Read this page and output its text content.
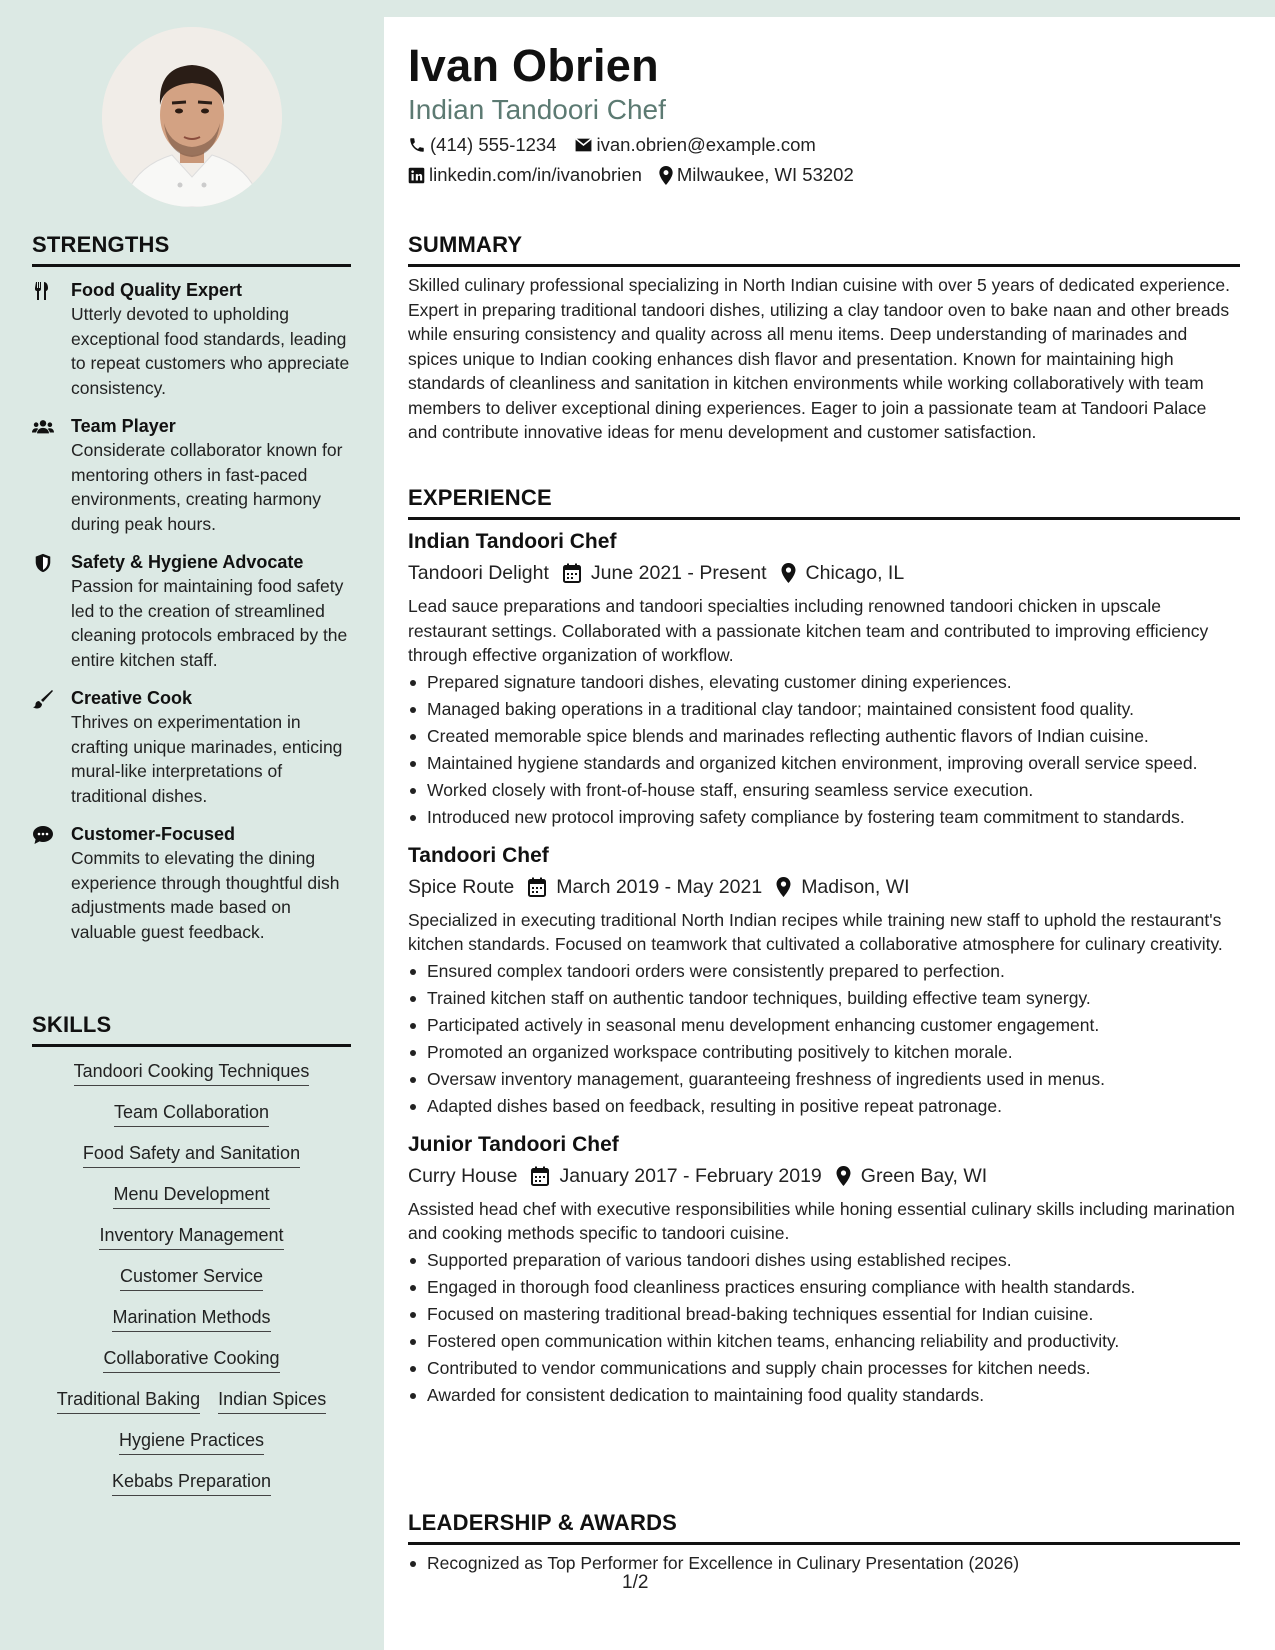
Ivan Obrien
Indian Tandoori Chef
(414) 555-1234 ivan.obrien@example.com
linkedin.com/in/ivanobrien Milwaukee, WI 53202
STRENGTHS
Food Quality Expert
Utterly devoted to upholding exceptional food standards, leading to repeat customers who appreciate consistency.
Team Player
Considerate collaborator known for mentoring others in fast-paced environments, creating harmony during peak hours.
Safety & Hygiene Advocate
Passion for maintaining food safety led to the creation of streamlined cleaning protocols embraced by the entire kitchen staff.
Creative Cook
Thrives on experimentation in crafting unique marinades, enticing mural-like interpretations of traditional dishes.
Customer-Focused
Commits to elevating the dining experience through thoughtful dish adjustments made based on valuable guest feedback.
SKILLS
Tandoori Cooking Techniques
Team Collaboration
Food Safety and Sanitation
Menu Development
Inventory Management
Customer Service
Marination Methods
Collaborative Cooking
Traditional Baking Indian Spices
Hygiene Practices
Kebabs Preparation
SUMMARY
Skilled culinary professional specializing in North Indian cuisine with over 5 years of dedicated experience. Expert in preparing traditional tandoori dishes, utilizing a clay tandoor oven to bake naan and other breads while ensuring consistency and quality across all menu items. Deep understanding of marinades and spices unique to Indian cooking enhances dish flavor and presentation. Known for maintaining high standards of cleanliness and sanitation in kitchen environments while working collaboratively with team members to deliver exceptional dining experiences. Eager to join a passionate team at Tandoori Palace and contribute innovative ideas for menu development and customer satisfaction.
EXPERIENCE
Indian Tandoori Chef
Tandoori Delight June 2021 - Present Chicago, IL
Lead sauce preparations and tandoori specialties including renowned tandoori chicken in upscale restaurant settings. Collaborated with a passionate kitchen team and contributed to improving efficiency through effective organization of workflow.
Prepared signature tandoori dishes, elevating customer dining experiences.
Managed baking operations in a traditional clay tandoor; maintained consistent food quality.
Created memorable spice blends and marinades reflecting authentic flavors of Indian cuisine.
Maintained hygiene standards and organized kitchen environment, improving overall service speed.
Worked closely with front-of-house staff, ensuring seamless service execution.
Introduced new protocol improving safety compliance by fostering team commitment to standards.
Tandoori Chef
Spice Route March 2019 - May 2021 Madison, WI
Specialized in executing traditional North Indian recipes while training new staff to uphold the restaurant's kitchen standards. Focused on teamwork that cultivated a collaborative atmosphere for culinary creativity.
Ensured complex tandoori orders were consistently prepared to perfection.
Trained kitchen staff on authentic tandoor techniques, building effective team synergy.
Participated actively in seasonal menu development enhancing customer engagement.
Promoted an organized workspace contributing positively to kitchen morale.
Oversaw inventory management, guaranteeing freshness of ingredients used in menus.
Adapted dishes based on feedback, resulting in positive repeat patronage.
Junior Tandoori Chef
Curry House January 2017 - February 2019 Green Bay, WI
Assisted head chef with executive responsibilities while honing essential culinary skills including marination and cooking methods specific to tandoori cuisine.
Supported preparation of various tandoori dishes using established recipes.
Engaged in thorough food cleanliness practices ensuring compliance with health standards.
Focused on mastering traditional bread-baking techniques essential for Indian cuisine.
Fostered open communication within kitchen teams, enhancing reliability and productivity.
Contributed to vendor communications and supply chain processes for kitchen needs.
Awarded for consistent dedication to maintaining food quality standards.
LEADERSHIP & AWARDS
Recognized as Top Performer for Excellence in Culinary Presentation (2026)
1/2
